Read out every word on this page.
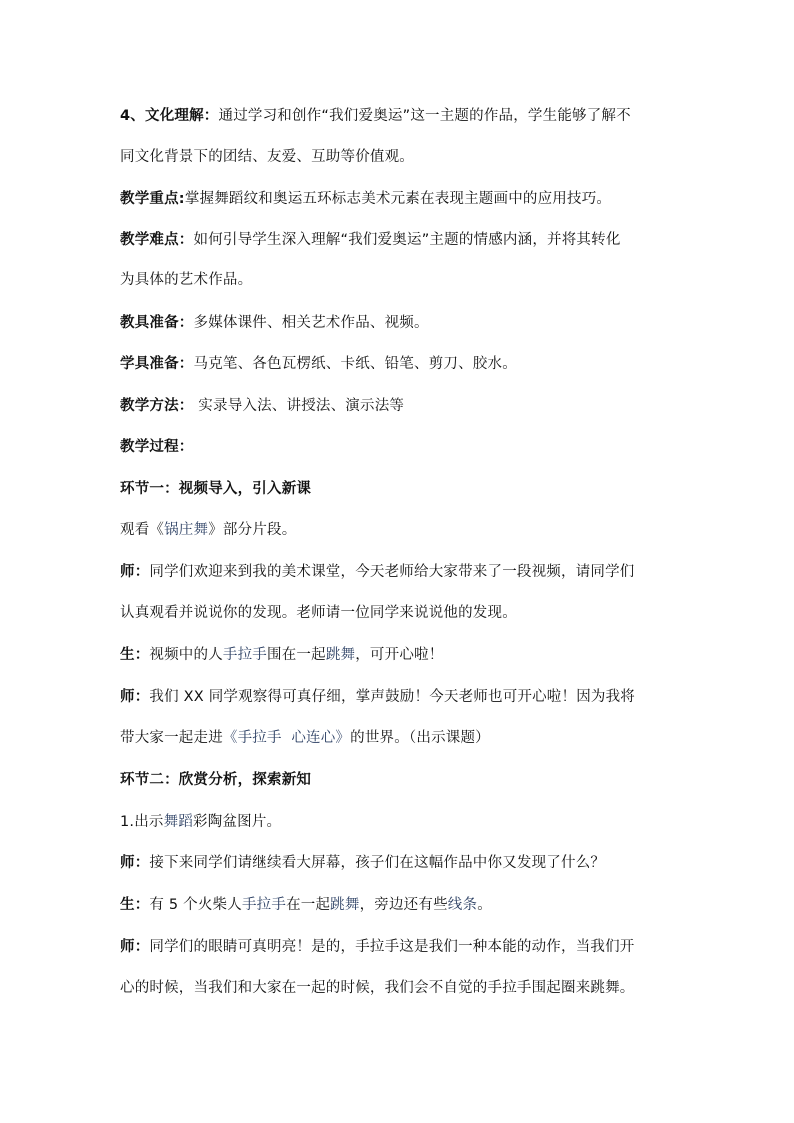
4、文化理解：通过学习和创作“我们爱奥运”这一主题的作品，学生能够了解不
同文化背景下的团结、友爱、互助等价值观。
教学重点:掌握舞蹈纹和奥运五环标志美术元素在表现主题画中的应用技巧。
教学难点：如何引导学生深入理解“我们爱奥运”主题的情感内涵，并将其转化
为具体的艺术作品。
教具准备：多媒体课件、相关艺术作品、视频。
学具准备：马克笔、各色瓦楞纸、卡纸、铅笔、剪刀、胶水。
教学方法： 实录导入法、讲授法、演示法等
教学过程：
环节一：视频导入，引入新课
观看《锅庄舞》部分片段。
师：同学们欢迎来到我的美术课堂，今天老师给大家带来了一段视频，请同学们
认真观看并说说你的发现。老师请一位同学来说说他的发现。
生：视频中的人手拉手围在一起跳舞，可开心啦！
师：我们 XX 同学观察得可真仔细，掌声鼓励！今天老师也可开心啦！因为我将
带大家一起走进《手拉手  心连心》的世界。（出示课题）
环节二：欣赏分析，探索新知
1.出示舞蹈彩陶盆图片。
师：接下来同学们请继续看大屏幕，孩子们在这幅作品中你又发现了什么？
生：有 5 个火柴人手拉手在一起跳舞，旁边还有些线条。
师：同学们的眼睛可真明亮！是的，手拉手这是我们一种本能的动作，当我们开
心的时候，当我们和大家在一起的时候，我们会不自觉的手拉手围起圈来跳舞。
